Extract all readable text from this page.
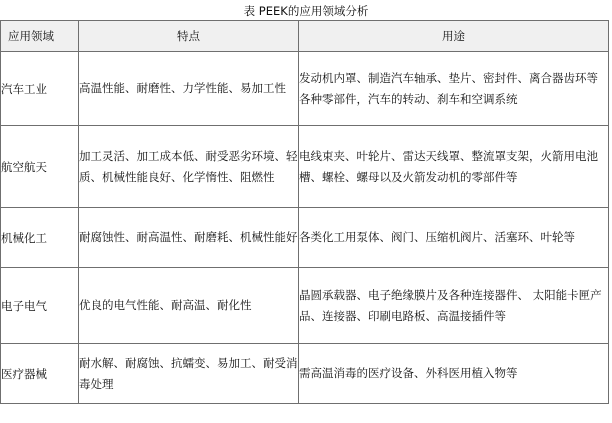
表 PEEK的应用领域分析
应用领域	特点	用途
汽车工业	高温性能、耐磨性、力学性能、易加工性	发动机内罩、制造汽车轴承、垫片、密封件、离合器齿环等各种零部件，汽车的转动、刹车和空调系统
航空航天	加工灵活、加工成本低、耐受恶劣环境、轻质、机械性能良好、化学惰性、阻燃性	电线束夹、叶轮片、雷达天线罩、整流罩支架，火箭用电池槽、螺栓、螺母以及火箭发动机的零部件等
机械化工	耐腐蚀性、耐高温性、耐磨耗、机械性能好	各类化工用泵体、阀门、压缩机阀片、活塞环、叶轮等
电子电气	优良的电气性能、耐高温、耐化性	晶圆承载器、电子绝缘膜片及各种连接器件、 太阳能卡匣产品、连接器、印刷电路板、高温接插件等
医疗器械	耐水解、耐腐蚀、抗蠕变、易加工、耐受消毒处理	需高温消毒的医疗设备、外科医用植入物等
